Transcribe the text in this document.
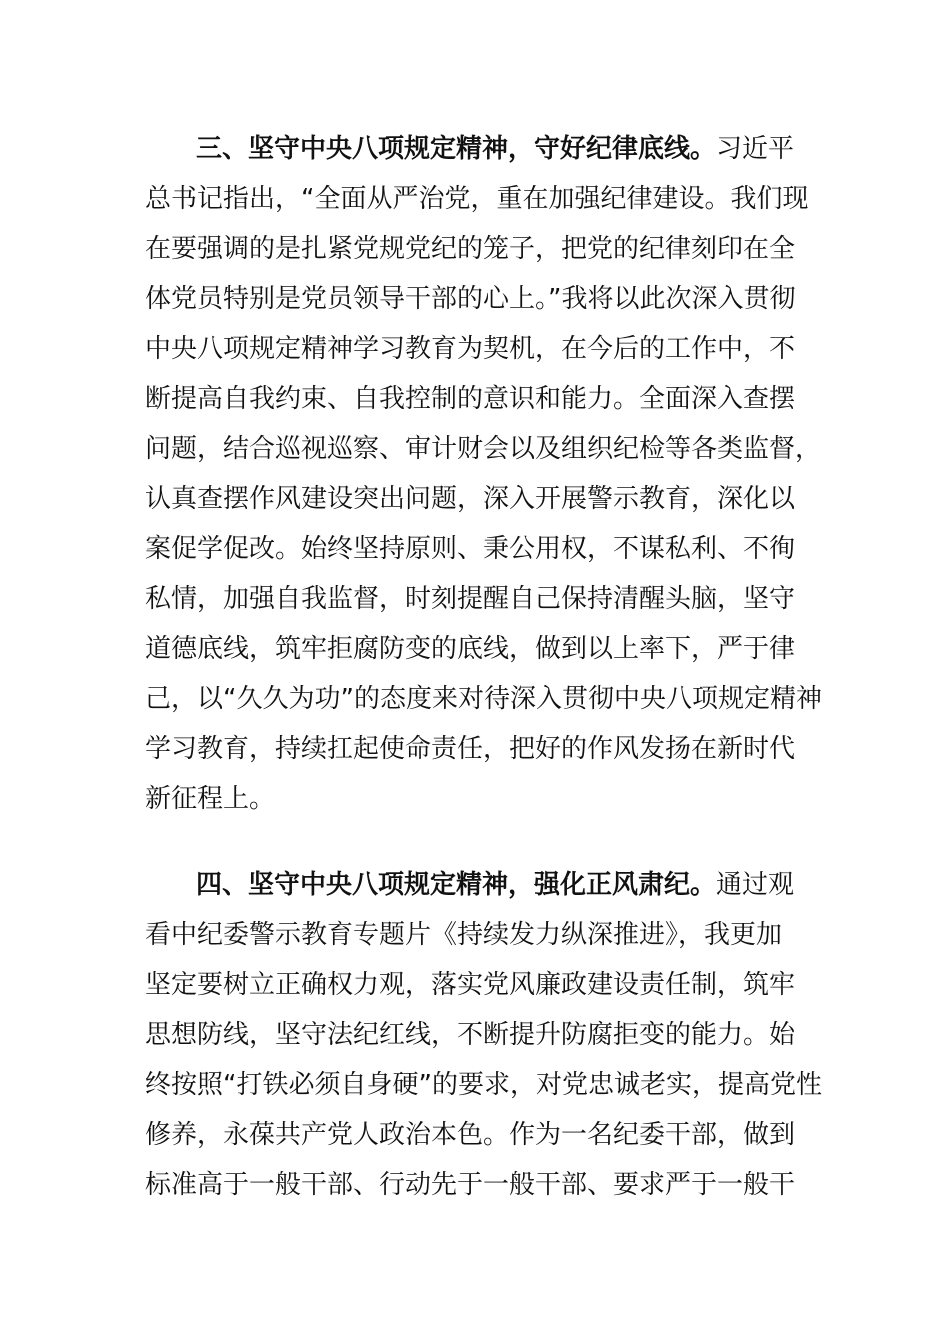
三、坚守中央八项规定精神，守好纪律底线。习近平
总书记指出，“全面从严治党，重在加强纪律建设。我们现
在要强调的是扎紧党规党纪的笼子，把党的纪律刻印在全
体党员特别是党员领导干部的心上。”我将以此次深入贯彻
中央八项规定精神学习教育为契机，在今后的工作中，不
断提高自我约束、自我控制的意识和能力。全面深入查摆
问题，结合巡视巡察、审计财会以及组织纪检等各类监督，
认真查摆作风建设突出问题，深入开展警示教育，深化以
案促学促改。始终坚持原则、秉公用权，不谋私利、不徇
私情，加强自我监督，时刻提醒自己保持清醒头脑，坚守
道德底线，筑牢拒腐防变的底线，做到以上率下，严于律
己，以“久久为功”的态度来对待深入贯彻中央八项规定精神
学习教育，持续扛起使命责任，把好的作风发扬在新时代
新征程上。
四、坚守中央八项规定精神，强化正风肃纪。通过观
看中纪委警示教育专题片《持续发力纵深推进》，我更加
坚定要树立正确权力观，落实党风廉政建设责任制，筑牢
思想防线，坚守法纪红线，不断提升防腐拒变的能力。始
终按照“打铁必须自身硬”的要求，对党忠诚老实，提高党性
修养，永葆共产党人政治本色。作为一名纪委干部，做到
标准高于一般干部、行动先于一般干部、要求严于一般干
